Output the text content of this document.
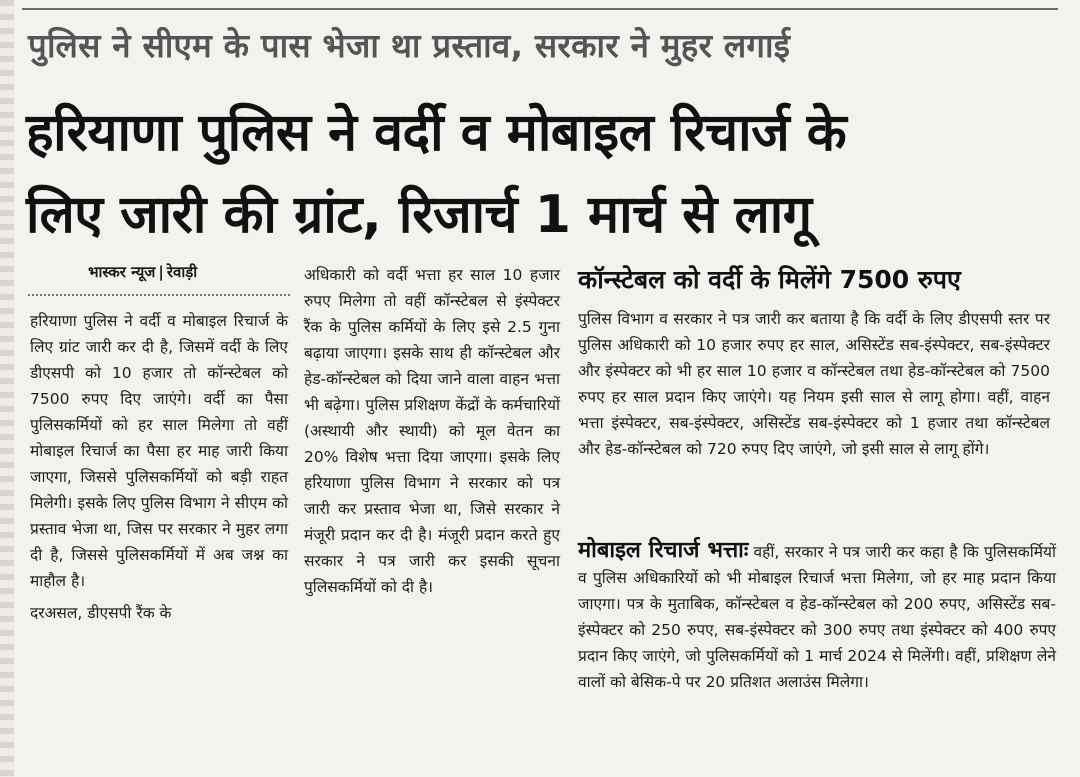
पुलिस ने सीएम के पास भेजा था प्रस्ताव, सरकार ने मुहर लगाई
हरियाणा पुलिस ने वर्दी व मोबाइल रिचार्ज के
लिए जारी की ग्रांट, रिजार्च 1 मार्च से लागू
भास्कर न्यूज | रेवाड़ी
हरियाणा पुलिस ने वर्दी व मोबाइल रिचार्ज के लिए ग्रांट जारी कर दी है, जिसमें वर्दी के लिए डीएसपी को 10 हजार तो कॉन्स्टेबल को 7500 रुपए दिए जाएंगे। वर्दी का पैसा पुलिसकर्मियों को हर साल मिलेगा तो वहीं मोबाइल रिचार्ज का पैसा हर माह जारी किया जाएगा, जिससे पुलिसकर्मियों को बड़ी राहत मिलेगी। इसके लिए पुलिस विभाग ने सीएम को प्रस्ताव भेजा था, जिस पर सरकार ने मुहर लगा दी है, जिससे पुलिसकर्मियों में अब जश्न का माहौल है।
दरअसल, डीएसपी रैंक के
अधिकारी को वर्दी भत्ता हर साल 10 हजार रुपए मिलेगा तो वहीं कॉन्स्टेबल से इंस्पेक्टर रैंक के पुलिस कर्मियों के लिए इसे 2.5 गुना बढ़ाया जाएगा। इसके साथ ही कॉन्स्टेबल और हेड-कॉन्स्टेबल को दिया जाने वाला वाहन भत्ता भी बढ़ेगा। पुलिस प्रशिक्षण केंद्रों के कर्मचारियों (अस्थायी और स्थायी) को मूल वेतन का 20% विशेष भत्ता दिया जाएगा। इसके लिए हरियाणा पुलिस विभाग ने सरकार को पत्र जारी कर प्रस्ताव भेजा था, जिसे सरकार ने मंजूरी प्रदान कर दी है। मंजूरी प्रदान करते हुए सरकार ने पत्र जारी कर इसकी सूचना पुलिसकर्मियों को दी है।
कॉन्स्टेबल को वर्दी के मिलेंगे 7500 रुपए
पुलिस विभाग व सरकार ने पत्र जारी कर बताया है कि वर्दी के लिए डीएसपी स्तर पर पुलिस अधिकारी को 10 हजार रुपए हर साल, असिस्टेंड सब-इंस्पेक्टर, सब-इंस्पेक्टर और इंस्पेक्टर को भी हर साल 10 हजार व कॉन्स्टेबल तथा हेड-कॉन्स्टेबल को 7500 रुपए हर साल प्रदान किए जाएंगे। यह नियम इसी साल से लागू होगा। वहीं, वाहन भत्ता इंस्पेक्टर, सब-इंस्पेक्टर, असिस्टेंड सब-इंस्पेक्टर को 1 हजार तथा कॉन्स्टेबल और हेड-कॉन्स्टेबल को 720 रुपए दिए जाएंगे, जो इसी साल से लागू होंगे।
मोबाइल रिचार्ज भत्ताः वहीं, सरकार ने पत्र जारी कर कहा है कि पुलिसकर्मियों व पुलिस अधिकारियों को भी मोबाइल रिचार्ज भत्ता मिलेगा, जो हर माह प्रदान किया जाएगा। पत्र के मुताबिक, कॉन्स्टेबल व हेड-कॉन्स्टेबल को 200 रुपए, असिस्टेंड सब-इंस्पेक्टर को 250 रुपए, सब-इंस्पेक्टर को 300 रुपए तथा इंस्पेक्टर को 400 रुपए प्रदान किए जाएंगे, जो पुलिसकर्मियों को 1 मार्च 2024 से मिलेंगी। वहीं, प्रशिक्षण लेने वालों को बेसिक-पे पर 20 प्रतिशत अलाउंस मिलेगा।
